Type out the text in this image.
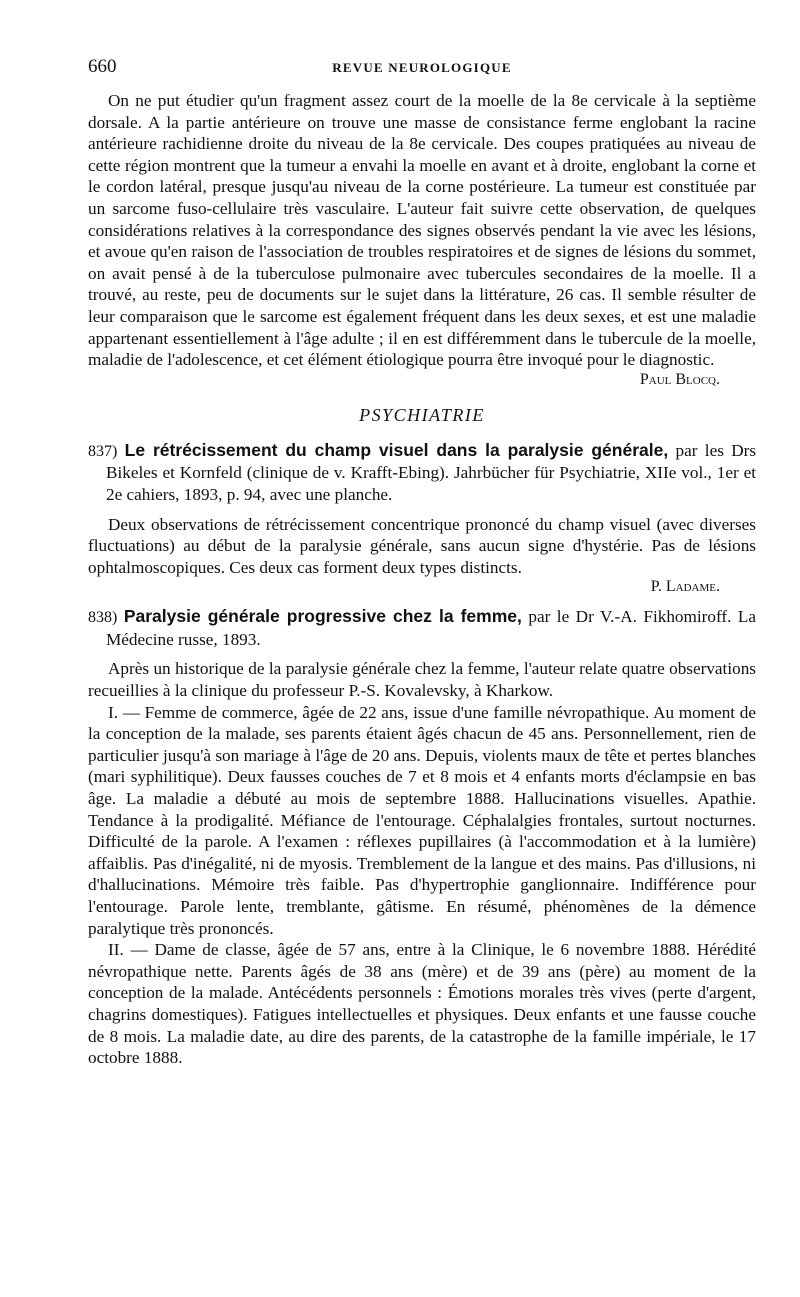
660	REVUE NEUROLOGIQUE

On ne put étudier qu'un fragment assez court de la moelle de la 8e cervicale à la septième dorsale. A la partie antérieure on trouve une masse de consistance ferme englobant la racine antérieure rachidienne droite du niveau de la 8e cervicale. Des coupes pratiquées au niveau de cette région montrent que la tumeur a envahi la moelle en avant et à droite, englobant la corne et le cordon latéral, presque jusqu'au niveau de la corne postérieure. La tumeur est constituée par un sarcome fuso-cellulaire très vasculaire. L'auteur fait suivre cette observation, de quelques considérations relatives à la correspondance des signes observés pendant la vie avec les lésions, et avoue qu'en raison de l'association de troubles respiratoires et de signes de lésions du sommet, on avait pensé à de la tuberculose pulmonaire avec tubercules secondaires de la moelle. Il a trouvé, au reste, peu de documents sur le sujet dans la littérature, 26 cas. Il semble résulter de leur comparaison que le sarcome est également fréquent dans les deux sexes, et est une maladie appartenant essentiellement à l'âge adulte ; il en est différemment dans le tubercule de la moelle, maladie de l'adolescence, et cet élément étiologique pourra être invoqué pour le diagnostic.

Paul Blocq.
PSYCHIATRIE

837) Le rétrécissement du champ visuel dans la paralysie générale, par les Drs Bikeles et Kornfeld (clinique de v. Krafft-Ebing). Jahrbücher für Psychiatrie, XIIe vol., 1er et 2e cahiers, 1893, p. 94, avec une planche.

Deux observations de rétrécissement concentrique prononcé du champ visuel (avec diverses fluctuations) au début de la paralysie générale, sans aucun signe d'hystérie. Pas de lésions ophtalmoscopiques. Ces deux cas forment deux types distincts.

P. Ladame.

838) Paralysie générale progressive chez la femme, par le Dr V.-A. Fikhomiroff. La Médecine russe, 1893.

Après un historique de la paralysie générale chez la femme, l'auteur relate quatre observations recueillies à la clinique du professeur P.-S. Kovalevsky, à Kharkow.

I. — Femme de commerce, âgée de 22 ans, issue d'une famille névropathique. Au moment de la conception de la malade, ses parents étaient âgés chacun de 45 ans. Personnellement, rien de particulier jusqu'à son mariage à l'âge de 20 ans. Depuis, violents maux de tête et pertes blanches (mari syphilitique). Deux fausses couches de 7 et 8 mois et 4 enfants morts d'éclampsie en bas âge. La maladie a débuté au mois de septembre 1888. Hallucinations visuelles. Apathie. Tendance à la prodigalité. Méfiance de l'entourage. Céphalalgies frontales, surtout nocturnes. Difficulté de la parole. A l'examen : réflexes pupillaires (à l'accommodation et à la lumière) affaiblis. Pas d'inégalité, ni de myosis. Tremblement de la langue et des mains. Pas d'illusions, ni d'hallucinations. Mémoire très faible. Pas d'hypertrophie ganglionnaire. Indifférence pour l'entourage. Parole lente, tremblante, gâtisme. En résumé, phénomènes de la démence paralytique très prononcés.

II. — Dame de classe, âgée de 57 ans, entre à la Clinique, le 6 novembre 1888. Hérédité névropathique nette. Parents âgés de 38 ans (mère) et de 39 ans (père) au moment de la conception de la malade. Antécédents personnels : Émotions morales très vives (perte d'argent, chagrins domestiques). Fatigues intellectuelles et physiques. Deux enfants et une fausse couche de 8 mois. La maladie date, au dire des parents, de la catastrophe de la famille impériale, le 17 octobre 1888.
